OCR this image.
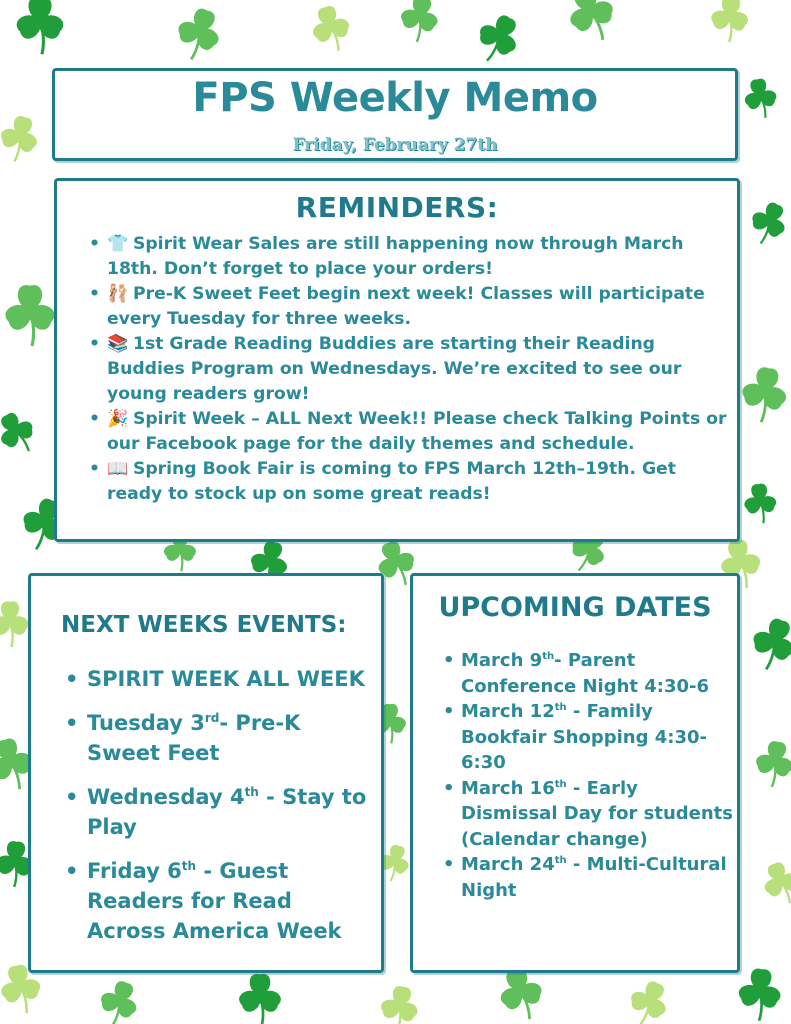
FPS Weekly Memo
Friday, February 27th
REMINDERS:
• 👕 Spirit Wear Sales are still happening now through March 18th. Don’t forget to place your orders!
• 🩰 Pre-K Sweet Feet begin next week! Classes will participate every Tuesday for three weeks.
• 📚 1st Grade Reading Buddies are starting their Reading Buddies Program on Wednesdays. We’re excited to see our young readers grow!
• 🎉 Spirit Week – ALL Next Week!! Please check Talking Points or our Facebook page for the daily themes and schedule.
• 📖 Spring Book Fair is coming to FPS March 12th–19th. Get ready to stock up on some great reads!
NEXT WEEKS EVENTS:
• SPIRIT WEEK ALL WEEK
• Tuesday 3rd- Pre-K Sweet Feet
• Wednesday 4th - Stay to Play
• Friday 6th - Guest Readers for Read Across America Week
UPCOMING DATES
• March 9th- Parent Conference Night 4:30-6
• March 12th - Family Bookfair Shopping 4:30-6:30
• March 16th - Early Dismissal Day for students (Calendar change)
• March 24th - Multi-Cultural Night
